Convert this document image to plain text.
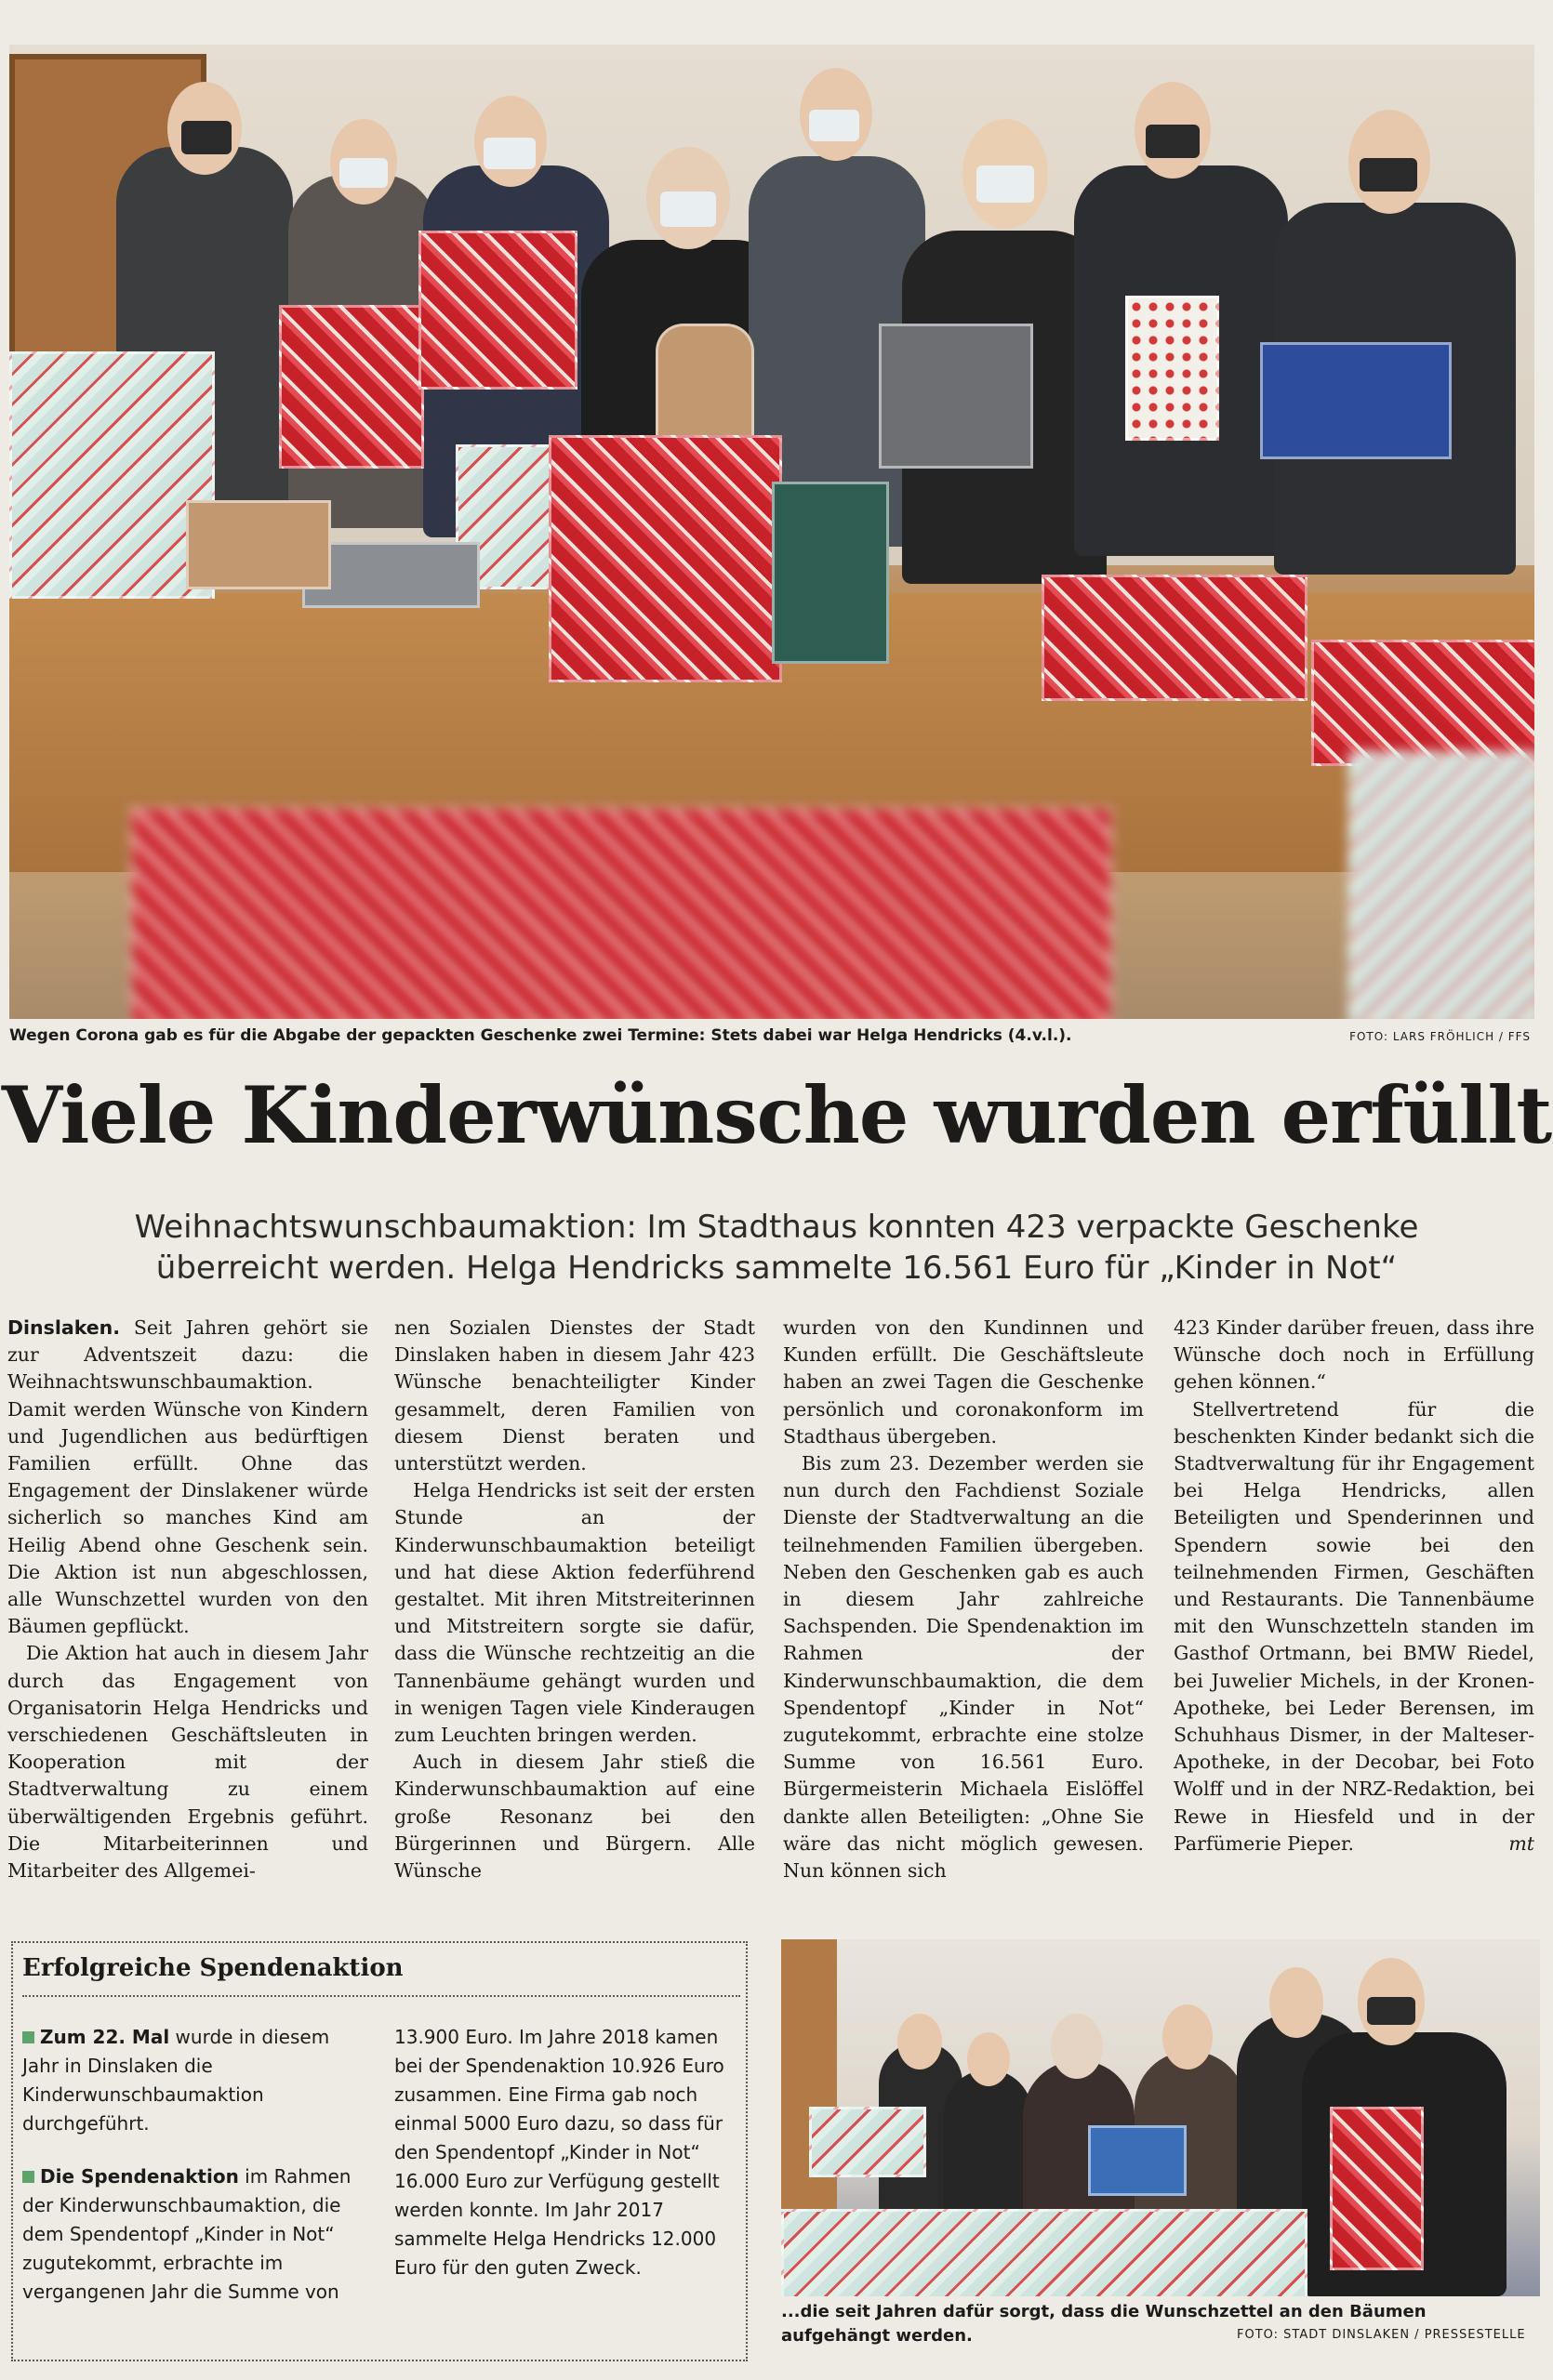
Wegen Corona gab es für die Abgabe der gepackten Geschenke zwei Termine: Stets dabei war Helga Hendricks (4.v.l.).	FOTO: LARS FRÖHLICH / FFS
Viele Kinderwünsche wurden erfüllt
Weihnachtswunschbaumaktion: Im Stadthaus konnten 423 verpackte Geschenke überreicht werden. Helga Hendricks sammelte 16.561 Euro für „Kinder in Not“

Dinslaken. Seit Jahren gehört sie zur Adventszeit dazu: die Weihnachtswunschbaumaktion. Damit werden Wünsche von Kindern und Jugendlichen aus bedürftigen Familien erfüllt. Ohne das Engagement der Dinslakener würde sicherlich so manches Kind am Heilig Abend ohne Geschenk sein. Die Aktion ist nun abgeschlossen, alle Wunschzettel wurden von den Bäumen gepflückt.

Die Aktion hat auch in diesem Jahr durch das Engagement von Organisatorin Helga Hendricks und verschiedenen Geschäftsleuten in Kooperation mit der Stadtverwaltung zu einem überwältigenden Ergebnis geführt. Die Mitarbeiterinnen und Mitarbeiter des Allgemei-

nen Sozialen Dienstes der Stadt Dinslaken haben in diesem Jahr 423 Wünsche benachteiligter Kinder gesammelt, deren Familien von diesem Dienst beraten und unterstützt werden.

Helga Hendricks ist seit der ersten Stunde an der Kinderwunschbaumaktion beteiligt und hat diese Aktion federführend gestaltet. Mit ihren Mitstreiterinnen und Mitstreitern sorgte sie dafür, dass die Wünsche rechtzeitig an die Tannenbäume gehängt wurden und in wenigen Tagen viele Kinderaugen zum Leuchten bringen werden.

Auch in diesem Jahr stieß die Kinderwunschbaumaktion auf eine große Resonanz bei den Bürgerinnen und Bürgern. Alle Wünsche

wurden von den Kundinnen und Kunden erfüllt. Die Geschäftsleute haben an zwei Tagen die Geschenke persönlich und coronakonform im Stadthaus übergeben.

Bis zum 23. Dezember werden sie nun durch den Fachdienst Soziale Dienste der Stadtverwaltung an die teilnehmenden Familien übergeben. Neben den Geschenken gab es auch in diesem Jahr zahlreiche Sachspenden. Die Spendenaktion im Rahmen der Kinderwunschbaumaktion, die dem Spendentopf „Kinder in Not“ zugutekommt, erbrachte eine stolze Summe von 16.561 Euro. Bürgermeisterin Michaela Eislöffel dankte allen Beteiligten: „Ohne Sie wäre das nicht möglich gewesen. Nun können sich

423 Kinder darüber freuen, dass ihre Wünsche doch noch in Erfüllung gehen können.“

Stellvertretend für die beschenkten Kinder bedankt sich die Stadtverwaltung für ihr Engagement bei Helga Hendricks, allen Beteiligten und Spenderinnen und Spendern sowie bei den teilnehmenden Firmen, Geschäften und Restaurants. Die Tannenbäume mit den Wunschzetteln standen im Gasthof Ortmann, bei BMW Riedel, bei Juwelier Michels, in der Kronen-Apotheke, bei Leder Berensen, im Schuhhaus Dismer, in der Malteser-Apotheke, in der Decobar, bei Foto Wolff und in der NRZ-Redaktion, bei Rewe in Hiesfeld und in der Parfümerie Pieper.	mt

Erfolgreiche Spendenaktion

Zum 22. Mal wurde in diesem Jahr in Dinslaken die Kinderwunschbaumaktion durchgeführt.

Die Spendenaktion im Rahmen der Kinderwunschbaumaktion, die dem Spendentopf „Kinder in Not“ zugutekommt, erbrachte im vergangenen Jahr die Summe von

13.900 Euro. Im Jahre 2018 kamen bei der Spendenaktion 10.926 Euro zusammen. Eine Firma gab noch einmal 5000 Euro dazu, so dass für den Spendentopf „Kinder in Not“ 16.000 Euro zur Verfügung gestellt werden konnte. Im Jahr 2017 sammelte Helga Hendricks 12.000 Euro für den guten Zweck.

...die seit Jahren dafür sorgt, dass die Wunschzettel an den Bäumen aufgehängt werden.	FOTO: STADT DINSLAKEN / PRESSESTELLE
